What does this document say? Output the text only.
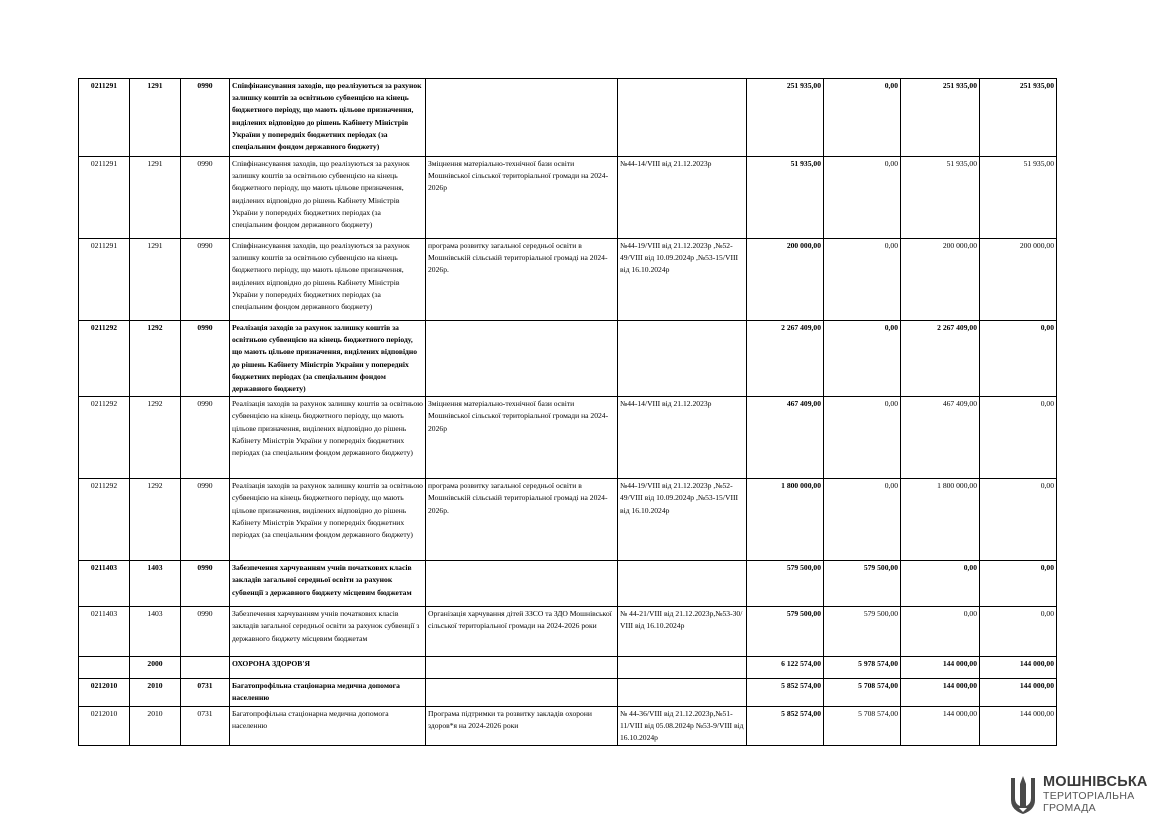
0211291	1291	0990	Співфінансування заходів, що реалізуються за рахунок залишку коштів за освітньою субвенцією на кінець бюджетного періоду, що мають цільове призначення, виділених відповідно до рішень Кабінету Міністрів України у попередніх бюджетних періодах (за спеціальним фондом державного бюджету)			251 935,00	0,00	251 935,00	251 935,00
0211291	1291	0990	Співфінансування заходів, що реалізуються за рахунок залишку коштів за освітньою субвенцією на кінець бюджетного періоду, що мають цільове призначення, виділених відповідно до рішень Кабінету Міністрів України у попередніх бюджетних періодах (за спеціальним фондом державного бюджету)	Зміцнення матеріально-технічної бази освіти Мошнівської сільської територіальної громади на 2024-2026р	№44-14/VIII від 21.12.2023р	51 935,00	0,00	51 935,00	51 935,00
0211291	1291	0990	Співфінансування заходів, що реалізуються за рахунок залишку коштів за освітньою субвенцією на кінець бюджетного періоду, що мають цільове призначення, виділених відповідно до рішень Кабінету Міністрів України у попередніх бюджетних періодах (за спеціальним фондом державного бюджету)	програма розвитку загальної середньої освіти в Мошнівській сільській територіальної громаді на 2024-2026р.	№44-19/VIII від 21.12.2023р ,№52-49/VIII від 10.09.2024р ,№53-15/VIII від 16.10.2024р	200 000,00	0,00	200 000,00	200 000,00
0211292	1292	0990	Реалізація заходів за рахунок залишку коштів за освітньою субвенцією на кінець бюджетного періоду, що мають цільове призначення, виділених відповідно до рішень Кабінету Міністрів України у попередніх бюджетних періодах (за спеціальним фондом державного бюджету)			2 267 409,00	0,00	2 267 409,00	0,00
0211292	1292	0990	Реалізація заходів за рахунок залишку коштів за освітньою субвенцією на кінець бюджетного періоду, що мають цільове призначення, виділених відповідно до рішень Кабінету Міністрів України у попередніх бюджетних періодах (за спеціальним фондом державного бюджету)	Зміцнення матеріально-технічної бази освіти Мошнівської сільської територіальної громади на 2024-2026р	№44-14/VIII від 21.12.2023р	467 409,00	0,00	467 409,00	0,00
0211292	1292	0990	Реалізація заходів за рахунок залишку коштів за освітньою субвенцією на кінець бюджетного періоду, що мають цільове призначення, виділених відповідно до рішень Кабінету Міністрів України у попередніх бюджетних періодах (за спеціальним фондом державного бюджету)	програма розвитку загальної середньої освіти в Мошнівській сільській територіальної громаді на 2024-2026р.	№44-19/VIII від 21.12.2023р ,№52-49/VIII від 10.09.2024р ,№53-15/VIII від 16.10.2024р	1 800 000,00	0,00	1 800 000,00	0,00
0211403	1403	0990	Забезпечення харчуванням учнів початкових класів закладів загальної середньої освіти за рахунок субвенції з державного бюджету місцевим бюджетам			579 500,00	579 500,00	0,00	0,00
0211403	1403	0990	Забезпечення харчуванням учнів початкових класів закладів загальної середньої освіти за рахунок субвенції з державного бюджету місцевим бюджетам	Організація харчування дітей ЗЗСО та ЗДО Мошнівської сільської територіальної громади на 2024-2026 роки	№ 44-21/VIII від 21.12.2023р,№53-30/ VIII від 16.10.2024р	579 500,00	579 500,00	0,00	0,00
	2000		ОХОРОНА ЗДОРОВ'Я			6 122 574,00	5 978 574,00	144 000,00	144 000,00
0212010	2010	0731	Багатопрофільна стаціонарна медична допомога населенню			5 852 574,00	5 708 574,00	144 000,00	144 000,00
0212010	2010	0731	Багатопрофільна стаціонарна медична допомога населенню	Програма підтримки та розвитку закладів охорони здоров*я на 2024-2026 роки	№ 44-36/VIII від 21.12.2023р,№51-11/VIII від 05.08.2024р №53-9/VIII від 16.10.2024р	5 852 574,00	5 708 574,00	144 000,00	144 000,00
МОШНІВСЬКА
ТЕРИТОРІАЛЬНА
ГРОМАДА
